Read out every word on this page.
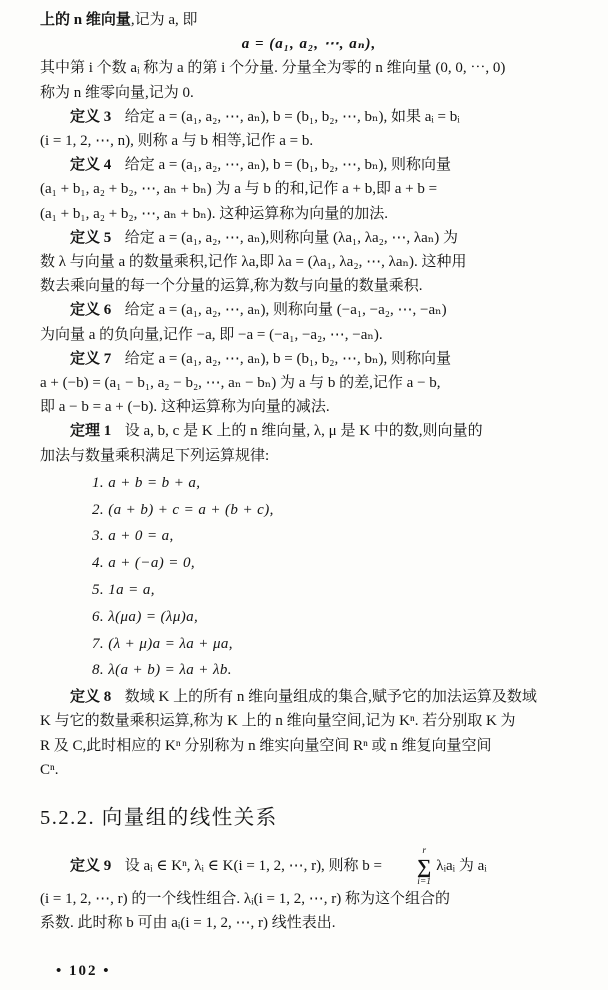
上的 n 维向量,记为 a, 即
a = (a₁, a₂, ⋯, aₙ),
其中第 i 个数 aᵢ 称为 a 的第 i 个分量. 分量全为零的 n 维向量 (0, 0, ⋯, 0)
称为 n 维零向量,记为 0.
定义 3 给定 a = (a₁, a₂, ⋯, aₙ), b = (b₁, b₂, ⋯, bₙ), 如果 aᵢ = bᵢ
(i = 1, 2, ⋯, n), 则称 a 与 b 相等,记作 a = b.
定义 4 给定 a = (a₁, a₂, ⋯, aₙ), b = (b₁, b₂, ⋯, bₙ), 则称向量
(a₁ + b₁, a₂ + b₂, ⋯, aₙ + bₙ) 为 a 与 b 的和,记作 a + b,即 a + b =
(a₁ + b₁, a₂ + b₂, ⋯, aₙ + bₙ). 这种运算称为向量的加法.
定义 5 给定 a = (a₁, a₂, ⋯, aₙ),则称向量 (λa₁, λa₂, ⋯, λaₙ) 为
数 λ 与向量 a 的数量乘积,记作 λa,即 λa = (λa₁, λa₂, ⋯, λaₙ). 这种用
数去乘向量的每一个分量的运算,称为数与向量的数量乘积.
定义 6 给定 a = (a₁, a₂, ⋯, aₙ), 则称向量 (−a₁, −a₂, ⋯, −aₙ)
为向量 a 的负向量,记作 −a, 即 −a = (−a₁, −a₂, ⋯, −aₙ).
定义 7 给定 a = (a₁, a₂, ⋯, aₙ), b = (b₁, b₂, ⋯, bₙ), 则称向量
a + (−b) = (a₁ − b₁, a₂ − b₂, ⋯, aₙ − bₙ) 为 a 与 b 的差,记作 a − b,
即 a − b = a + (−b). 这种运算称为向量的减法.
定理 1 设 a, b, c 是 K 上的 n 维向量, λ, μ 是 K 中的数,则向量的
加法与数量乘积满足下列运算规律:
1. a + b = b + a,
2. (a + b) + c = a + (b + c),
3. a + 0 = a,
4. a + (−a) = 0,
5. 1a = a,
6. λ(μa) = (λμ)a,
7. (λ + μ)a = λa + μa,
8. λ(a + b) = λa + λb.
定义 8 数域 K 上的所有 n 维向量组成的集合,赋予它的加法运算及数域
K 与它的数量乘积运算,称为 K 上的 n 维向量空间,记为 Kⁿ. 若分别取 K 为
R 及 C,此时相应的 Kⁿ 分别称为 n 维实向量空间 Rⁿ 或 n 维复向量空间
Cⁿ.
5.2.2. 向量组的线性关系
定义 9 设 aᵢ ∈ Kⁿ, λᵢ ∈ K(i = 1, 2, ⋯, r), 则称 b =
r
∑
i=1
λᵢaᵢ 为 aᵢ
(i = 1, 2, ⋯, r) 的一个线性组合. λᵢ(i = 1, 2, ⋯, r) 称为这个组合的
系数. 此时称 b 可由 aᵢ(i = 1, 2, ⋯, r) 线性表出.
• 102 •
